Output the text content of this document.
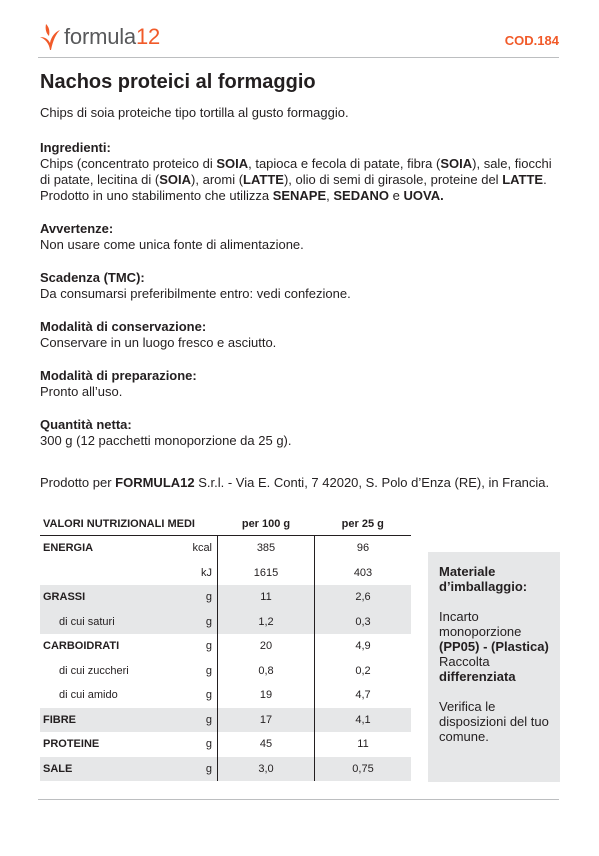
formula12	COD.184
Nachos proteici al formaggio

Chips di soia proteiche tipo tortilla al gusto formaggio.

Ingredienti:

Chips (concentrato proteico di SOIA, tapioca e fecola di patate, fibra (SOIA), sale, fiocchi di patate, lecitina di (SOIA), aromi (LATTE), olio di semi di girasole, proteine del LATTE.

Prodotto in uno stabilimento che utilizza SENAPE, SEDANO e UOVA.

Avvertenze:

Non usare come unica fonte di alimentazione.

Scadenza (TMC):

Da consumarsi preferibilmente entro: vedi confezione.

Modalità di conservazione:

Conservare in un luogo fresco e asciutto.

Modalità di preparazione:

Pronto all’uso.

Quantità netta:

300 g (12 pacchetti monoporzione da 25 g).

Prodotto per FORMULA12 S.r.l. - Via E. Conti, 7 42020, S. Polo d’Enza (RE), in Francia.

VALORI NUTRIZIONALI MEDI		per 100 g	per 25 g
ENERGIA	kcal	385	96
	kJ	1615	403
GRASSI	g	11	2,6
di cui saturi	g	1,2	0,3
CARBOIDRATI	g	20	4,9
di cui zuccheri	g	0,8	0,2
di cui amido	g	19	4,7
FIBRE	g	17	4,1
PROTEINE	g	45	11
SALE	g	3,0	0,75

Materiale d’imballaggio:

Incarto monoporzione

(PP05) - (Plastica)

Raccolta

differenziata

Verifica le disposizioni del tuo comune.
